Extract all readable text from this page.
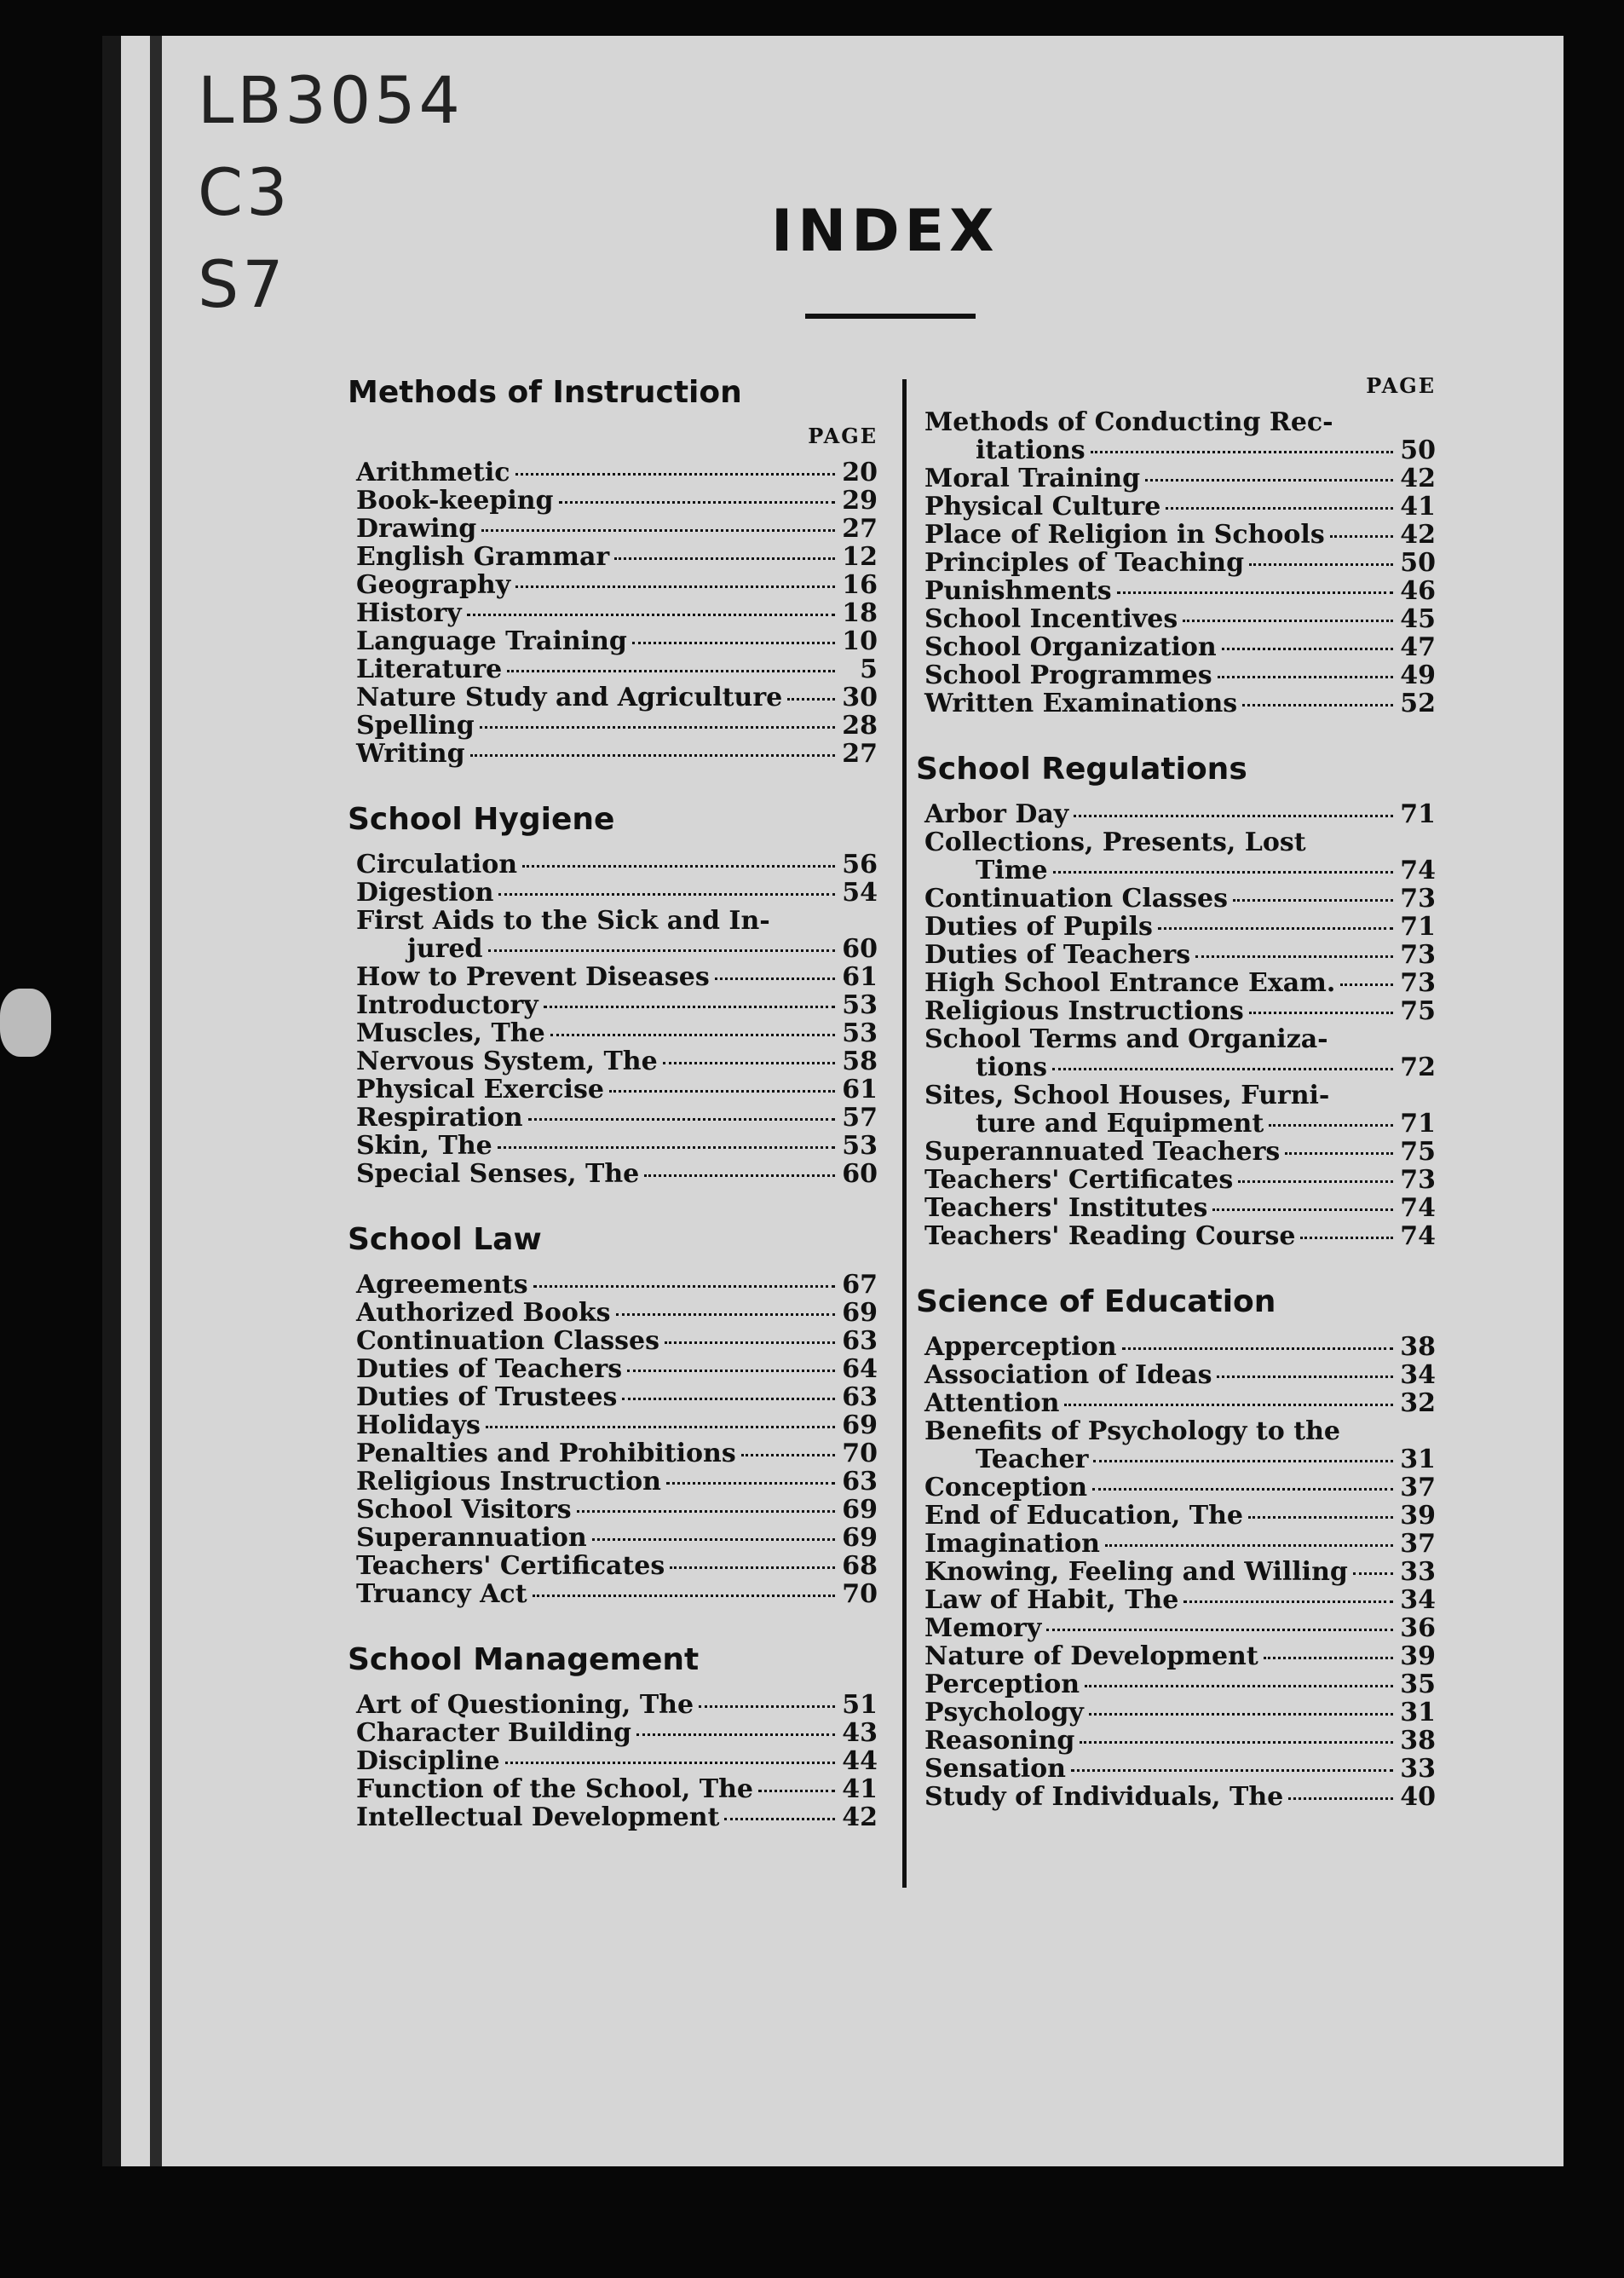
LB3054
C3
S7
INDEX
Methods of Instruction
PAGE
Arithmetic	20
Book-keeping	29
Drawing	27
English Grammar	12
Geography	16
History	18
Language Training	10
Literature	5
Nature Study and Agriculture 30
Spelling	28
Writing	27
School Hygiene
Circulation	56
Digestion	54
First Aids to the Sick and In-
jured	60
How to Prevent Diseases	61
Introductory	53
Muscles, The	53
Nervous System, The	58
Physical Exercise	61
Respiration	57
Skin, The	53
Special Senses, The	60
School Law
Agreements	67
Authorized Books	69
Continuation Classes	63
Duties of Teachers	64
Duties of Trustees	63
Holidays	69
Penalties and Prohibitions	70
Religious Instruction	63
School Visitors	69
Superannuation	69
Teachers' Certificates	68
Truancy Act	70
School Management
Art of Questioning, The	51
Character Building	43
Discipline	44
Function of the School, The	41
Intellectual Development	42
PAGE
Methods of Conducting Rec-
itations	50
Moral Training	42
Physical Culture	41
Place of Religion in Schools	42
Principles of Teaching	50
Punishments	46
School Incentives	45
School Organization	47
School Programmes	49
Written Examinations	52
School Regulations
Arbor Day	71
Collections, Presents, Lost
Time	74
Continuation Classes	73
Duties of Pupils	71
Duties of Teachers	73
High School Entrance Exam.	73
Religious Instructions	75
School Terms and Organiza-
tions	72
Sites, School Houses, Furni-
ture and Equipment	71
Superannuated Teachers	75
Teachers' Certificates	73
Teachers' Institutes	74
Teachers' Reading Course	74
Science of Education
Apperception	38
Association of Ideas	34
Attention	32
Benefits of Psychology to the
Teacher	31
Conception	37
End of Education, The	39
Imagination	37
Knowing, Feeling and Willing 33
Law of Habit, The	34
Memory	36
Nature of Development	39
Perception	35
Psychology	31
Reasoning	38
Sensation	33
Study of Individuals, The	40
